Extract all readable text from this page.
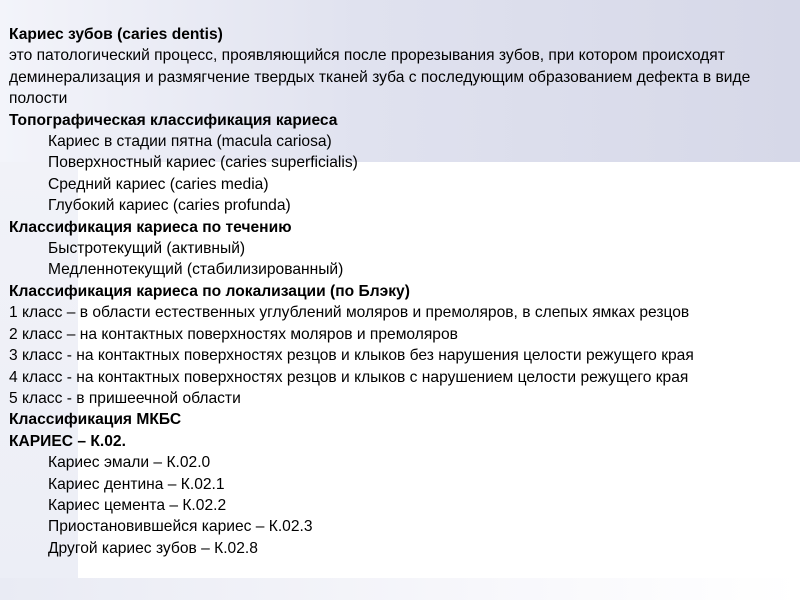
Кариес зубов (caries dentis)

это патологический процесс, проявляющийся после прорезывания зубов, при котором происходят деминерализация и размягчение твердых тканей зуба с последующим образованием дефекта в виде полости

Топографическая классификация кариеса

Кариес в стадии пятна (macula cariosa)

Поверхностный кариес (caries superficialis)

Средний кариес (caries media)

Глубокий кариес (caries profunda)

Классификация кариеса по течению

Быстротекущий (активный)

Медленнотекущий (стабилизированный)

Классификация кариеса по локализации (по Блэку)

1 класс – в области естественных углублений моляров и премоляров, в слепых ямках резцов

2 класс – на контактных поверхностях моляров и премоляров

3 класс - на контактных поверхностях резцов и клыков без нарушения целости режущего края

4 класс - на контактных поверхностях резцов и клыков с нарушением целости режущего края

5 класс - в пришеечной области

Классификация МКБС

КАРИЕС – К.02.

Кариес эмали – К.02.0

Кариес дентина – К.02.1

Кариес цемента – К.02.2

Приостановившейся кариес – К.02.3

Другой кариес зубов – К.02.8
